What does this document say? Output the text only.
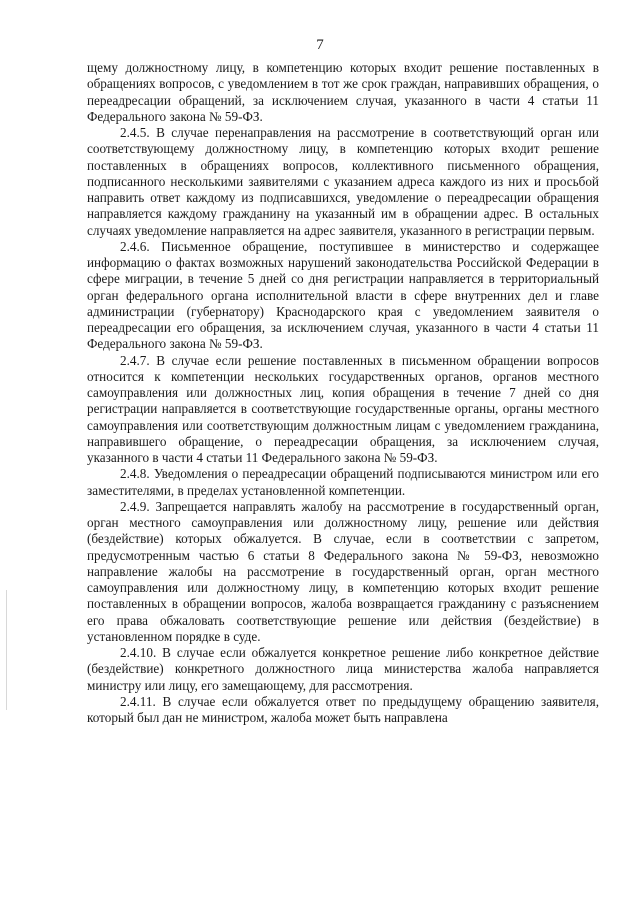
7

щему должностному лицу, в компетенцию которых входит решение поставленных в обращениях вопросов, с уведомлением в тот же срок граждан, направивших обращения, о переадресации обращений, за исключением случая, указанного в части 4 статьи 11 Федерального закона № 59-ФЗ.

2.4.5. В случае перенаправления на рассмотрение в соответствующий орган или соответствующему должностному лицу, в компетенцию которых входит решение поставленных в обращениях вопросов, коллективного письменного обращения, подписанного несколькими заявителями с указанием адреса каждого из них и просьбой направить ответ каждому из подписавшихся, уведомление о переадресации обращения направляется каждому гражданину на указанный им в обращении адрес. В остальных случаях уведомление направляется на адрес заявителя, указанного в регистрации первым.

2.4.6. Письменное обращение, поступившее в министерство и содержащее информацию о фактах возможных нарушений законодательства Российской Федерации в сфере миграции, в течение 5 дней со дня регистрации направляется в территориальный орган федерального органа исполнительной власти в сфере внутренних дел и главе администрации (губернатору) Краснодарского края с уведомлением заявителя о переадресации его обращения, за исключением случая, указанного в части 4 статьи 11 Федерального закона № 59-ФЗ.

2.4.7. В случае если решение поставленных в письменном обращении вопросов относится к компетенции нескольких государственных органов, органов местного самоуправления или должностных лиц, копия обращения в течение 7 дней со дня регистрации направляется в соответствующие государственные органы, органы местного самоуправления или соответствующим должностным лицам с уведомлением гражданина, направившего обращение, о переадресации обращения, за исключением случая, указанного в части 4 статьи 11 Федерального закона № 59-ФЗ.

2.4.8. Уведомления о переадресации обращений подписываются министром или его заместителями, в пределах установленной компетенции.

2.4.9. Запрещается направлять жалобу на рассмотрение в государственный орган, орган местного самоуправления или должностному лицу, решение или действия (бездействие) которых обжалуется. В случае, если в соответствии с запретом, предусмотренным частью 6 статьи 8 Федерального закона № 59-ФЗ, невозможно направление жалобы на рассмотрение в государственный орган, орган местного самоуправления или должностному лицу, в компетенцию которых входит решение поставленных в обращении вопросов, жалоба возвращается гражданину с разъяснением его права обжаловать соответствующие решение или действия (бездействие) в установленном порядке в суде.

2.4.10. В случае если обжалуется конкретное решение либо конкретное действие (бездействие) конкретного должностного лица министерства жалоба направляется министру или лицу, его замещающему, для рассмотрения.

2.4.11. В случае если обжалуется ответ по предыдущему обращению заявителя, который был дан не министром, жалоба может быть направлена
